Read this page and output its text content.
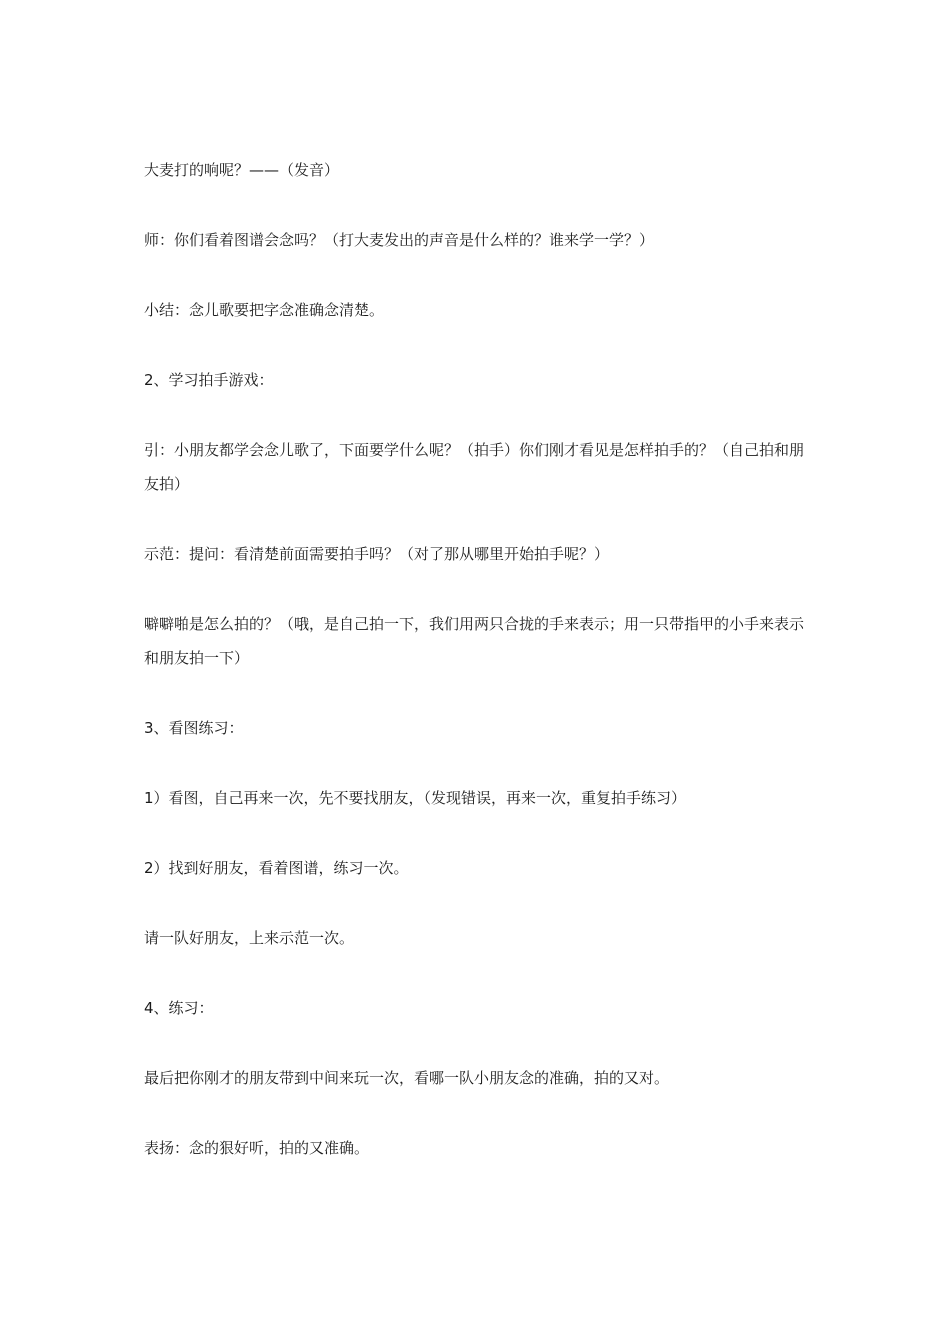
大麦打的响呢？——（发音）

师：你们看着图谱会念吗？（打大麦发出的声音是什么样的？谁来学一学？）

小结：念儿歌要把字念准确念清楚。

2、学习拍手游戏：

引：小朋友都学会念儿歌了，下面要学什么呢？（拍手）你们刚才看见是怎样拍手的？（自己拍和朋友拍）

示范：提问：看清楚前面需要拍手吗？（对了那从哪里开始拍手呢？）

噼噼啪是怎么拍的？（哦，是自己拍一下，我们用两只合拢的手来表示；用一只带指甲的小手来表示和朋友拍一下）

3、看图练习：

1）看图，自己再来一次，先不要找朋友，（发现错误，再来一次，重复拍手练习）

2）找到好朋友，看着图谱，练习一次。

请一队好朋友，上来示范一次。

4、练习：

最后把你刚才的朋友带到中间来玩一次，看哪一队小朋友念的准确，拍的又对。

表扬：念的狠好听，拍的又准确。
